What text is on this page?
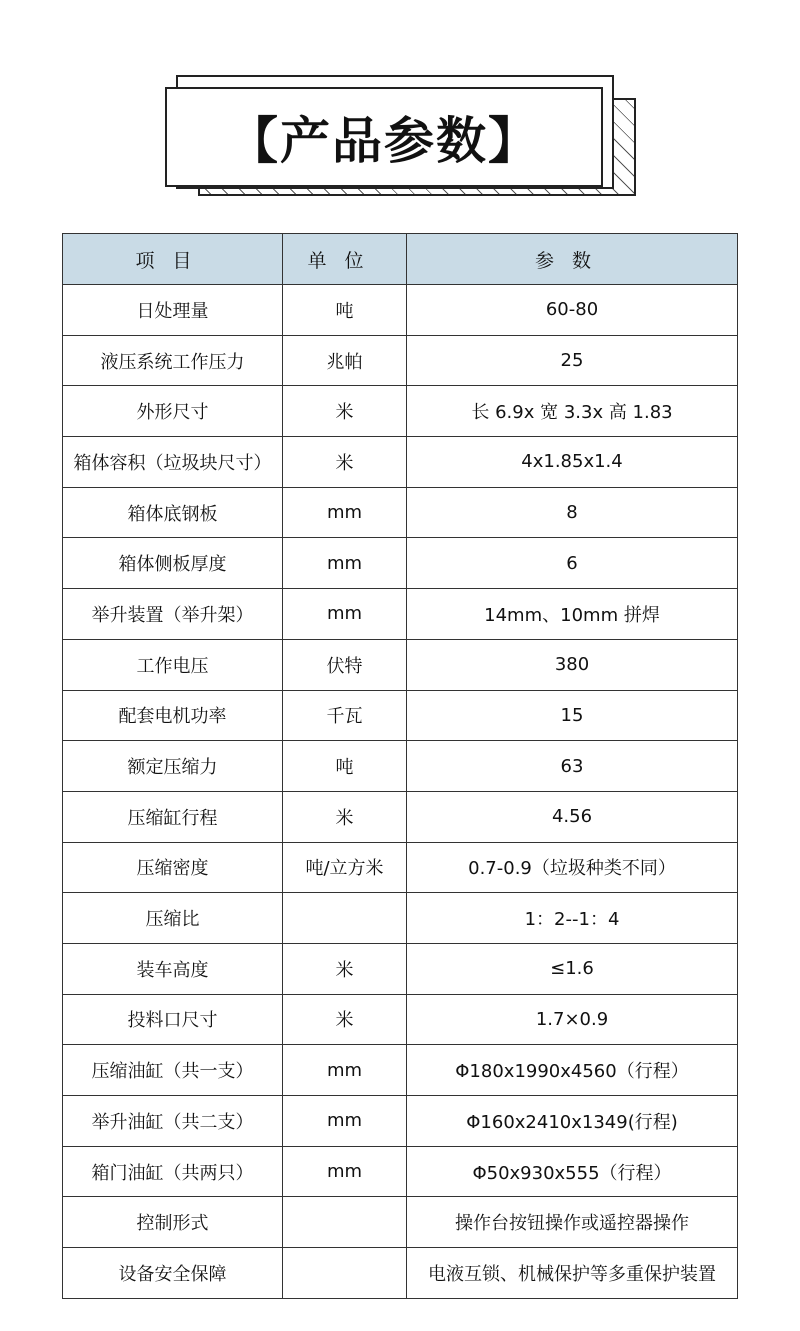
【产品参数】
项目	单位	参数
日处理量	吨	60-80
液压系统工作压力	兆帕	25
外形尺寸	米	长 6.9x 宽 3.3x 高 1.83
箱体容积（垃圾块尺寸）	米	4x1.85x1.4
箱体底钢板	mm	8
箱体侧板厚度	mm	6
举升装置（举升架）	mm	14mm、10mm 拼焊
工作电压	伏特	380
配套电机功率	千瓦	15
额定压缩力	吨	63
压缩缸行程	米	4.56
压缩密度	吨/立方米	0.7-0.9（垃圾种类不同）
压缩比		1：2--1：4
装车高度	米	≤1.6
投料口尺寸	米	1.7×0.9
压缩油缸（共一支）	mm	Φ180x1990x4560（行程）
举升油缸（共二支）	mm	Φ160x2410x1349(行程)
箱门油缸（共两只）	mm	Φ50x930x555（行程）
控制形式		操作台按钮操作或遥控器操作
设备安全保障		电液互锁、机械保护等多重保护装置
